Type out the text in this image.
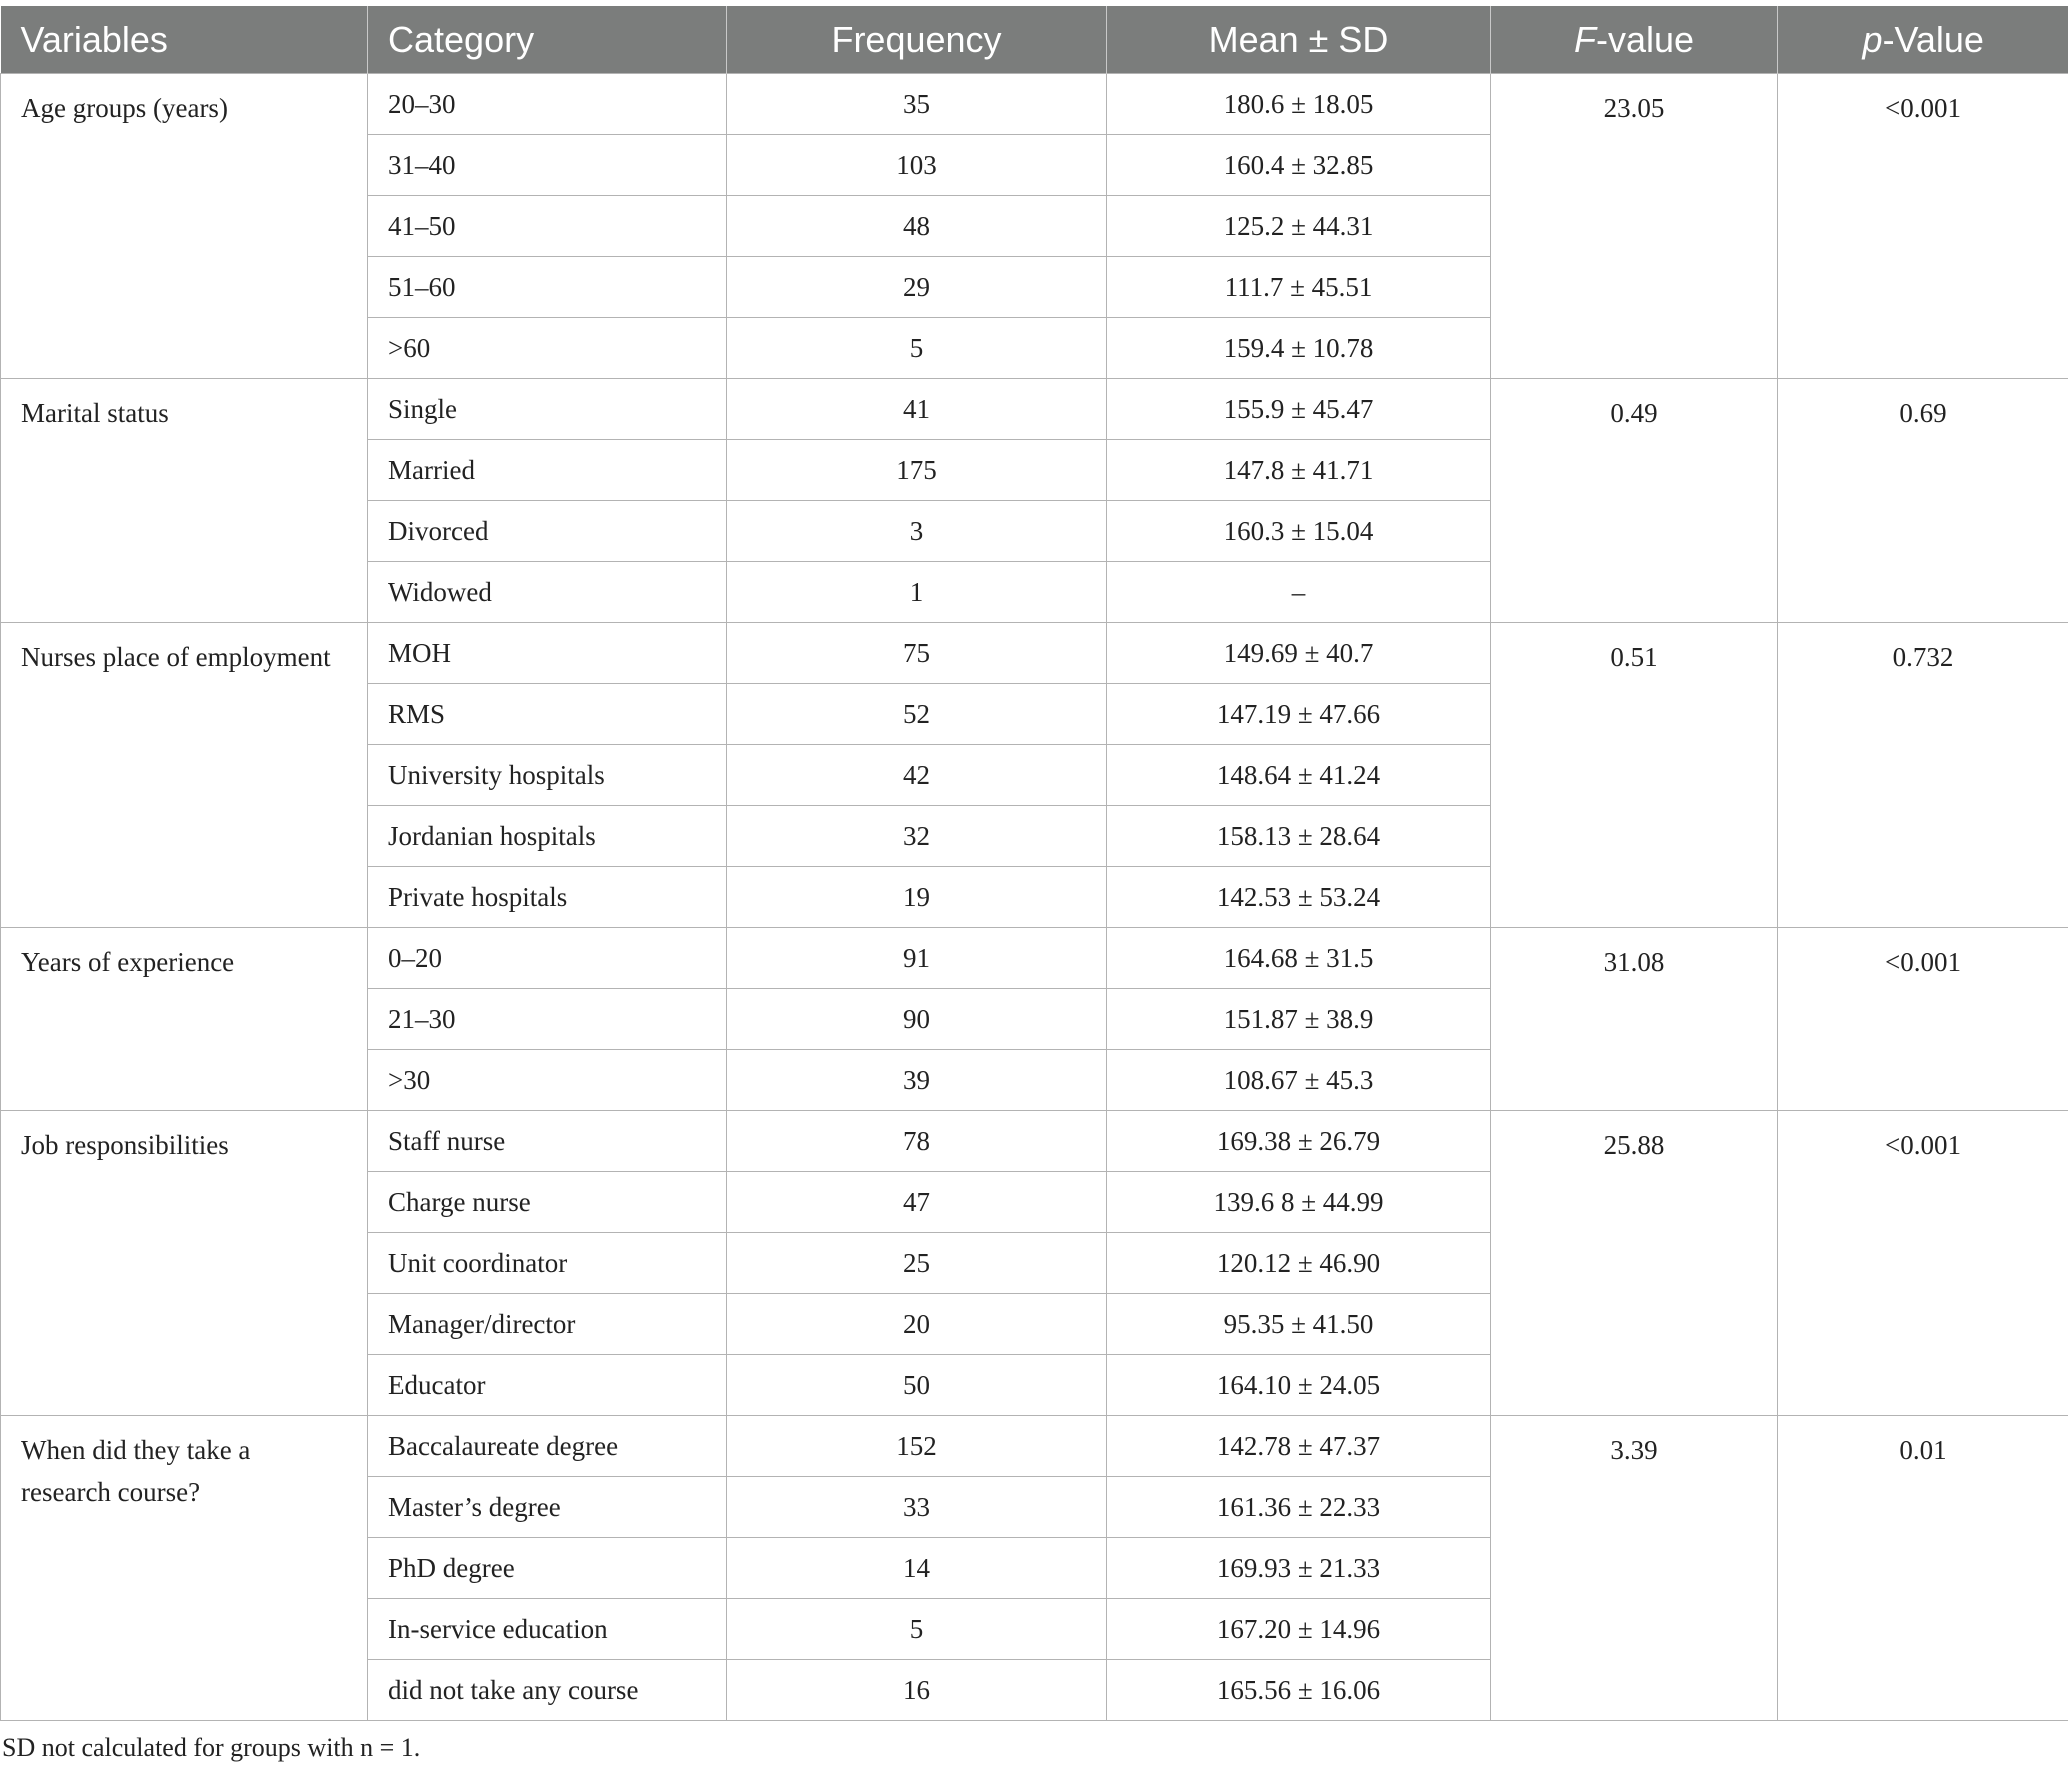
Variables	Category	Frequency	Mean ± SD	F-value	p-Value
Age groups (years)	20–30	35	180.6 ± 18.05	23.05	<0.001
	31–40	103	160.4 ± 32.85		
	41–50	48	125.2 ± 44.31		
	51–60	29	111.7 ± 45.51		
	>60	5	159.4 ± 10.78		
Marital status	Single	41	155.9 ± 45.47	0.49	0.69
	Married	175	147.8 ± 41.71		
	Divorced	3	160.3 ± 15.04		
	Widowed	1	–		
Nurses place of employment	MOH	75	149.69 ± 40.7	0.51	0.732
	RMS	52	147.19 ± 47.66		
	University hospitals	42	148.64 ± 41.24		
	Jordanian hospitals	32	158.13 ± 28.64		
	Private hospitals	19	142.53 ± 53.24		
Years of experience	0–20	91	164.68 ± 31.5	31.08	<0.001
	21–30	90	151.87 ± 38.9		
	>30	39	108.67 ± 45.3		
Job responsibilities	Staff nurse	78	169.38 ± 26.79	25.88	<0.001
	Charge nurse	47	139.6 8 ± 44.99		
	Unit coordinator	25	120.12 ± 46.90		
	Manager/director	20	95.35 ± 41.50		
	Educator	50	164.10 ± 24.05		
When did they take a research course?	Baccalaureate degree	152	142.78 ± 47.37	3.39	0.01
	Master’s degree	33	161.36 ± 22.33		
	PhD degree	14	169.93 ± 21.33		
	In-service education	5	167.20 ± 14.96		
	did not take any course	16	165.56 ± 16.06		
SD not calculated for groups with n = 1.
